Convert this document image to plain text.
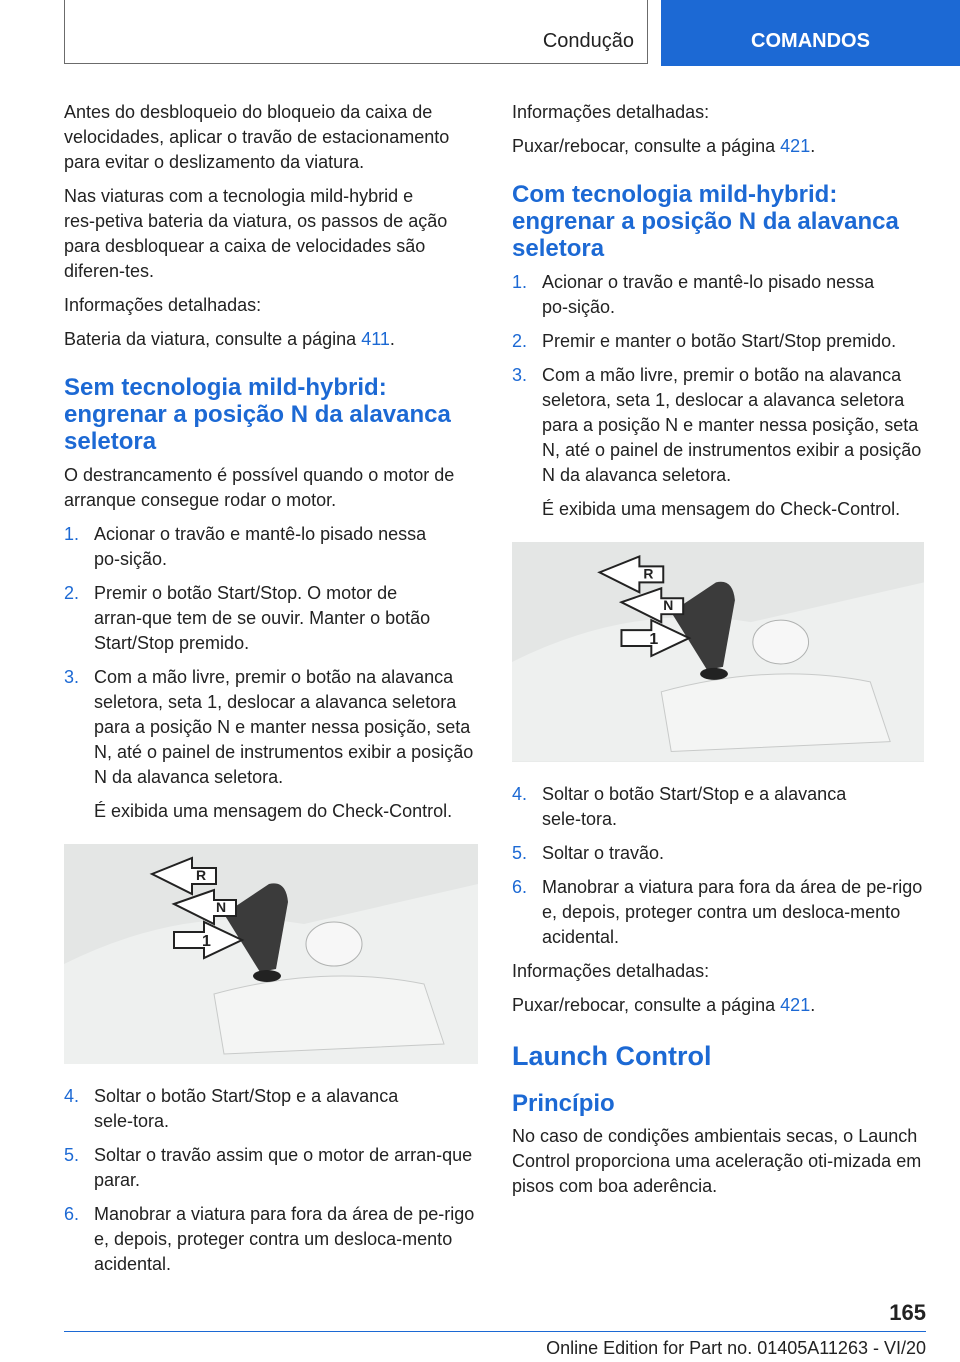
Condução	COMANDOS

Antes do desbloqueio do bloqueio da caixa de velocidades, aplicar o travão de estacionamento para evitar o deslizamento da viatura.

Nas viaturas com a tecnologia mild‑hybrid e res‑petiva bateria da viatura, os passos de ação para desbloquear a caixa de velocidades são diferen‑tes.

Informações detalhadas:

Bateria da viatura, consulte a página 411.

Sem tecnologia mild‑hybrid: engrenar a posição N da alavanca seletora

O destrancamento é possível quando o motor de arranque consegue rodar o motor.

1. Acionar o travão e mantê‑lo pisado nessa po‑sição.
2. Premir o botão Start/Stop. O motor de arran‑que tem de se ouvir. Manter o botão Start/Stop premido.
3. Com a mão livre, premir o botão na alavanca seletora, seta 1, deslocar a alavanca seletora para a posição N e manter nessa posição, seta N, até o painel de instrumentos exibir a posição N da alavanca seletora.

É exibida uma mensagem do Check‑Control.

R
N
1
4. Soltar o botão Start/Stop e a alavanca sele‑tora.
5. Soltar o travão assim que o motor de arran‑que parar.
6. Manobrar a viatura para fora da área de pe‑rigo e, depois, proteger contra um desloca‑mento acidental.

Informações detalhadas:

Puxar/rebocar, consulte a página 421.

Com tecnologia mild‑hybrid: engrenar a posição N da alavanca seletora
1. Acionar o travão e mantê‑lo pisado nessa po‑sição.
2. Premir e manter o botão Start/Stop premido.
3. Com a mão livre, premir o botão na alavanca seletora, seta 1, deslocar a alavanca seletora para a posição N e manter nessa posição, seta N, até o painel de instrumentos exibir a posição N da alavanca seletora.

É exibida uma mensagem do Check‑Control.

R
N
1
4. Soltar o botão Start/Stop e a alavanca sele‑tora.
5. Soltar o travão.
6. Manobrar a viatura para fora da área de pe‑rigo e, depois, proteger contra um desloca‑mento acidental.

Informações detalhadas:

Puxar/rebocar, consulte a página 421.

Launch Control
Princípio

No caso de condições ambientais secas, o Launch Control proporciona uma aceleração oti‑mizada em pisos com boa aderência.

165
Online Edition for Part no. 01405A11263 - VI/20
